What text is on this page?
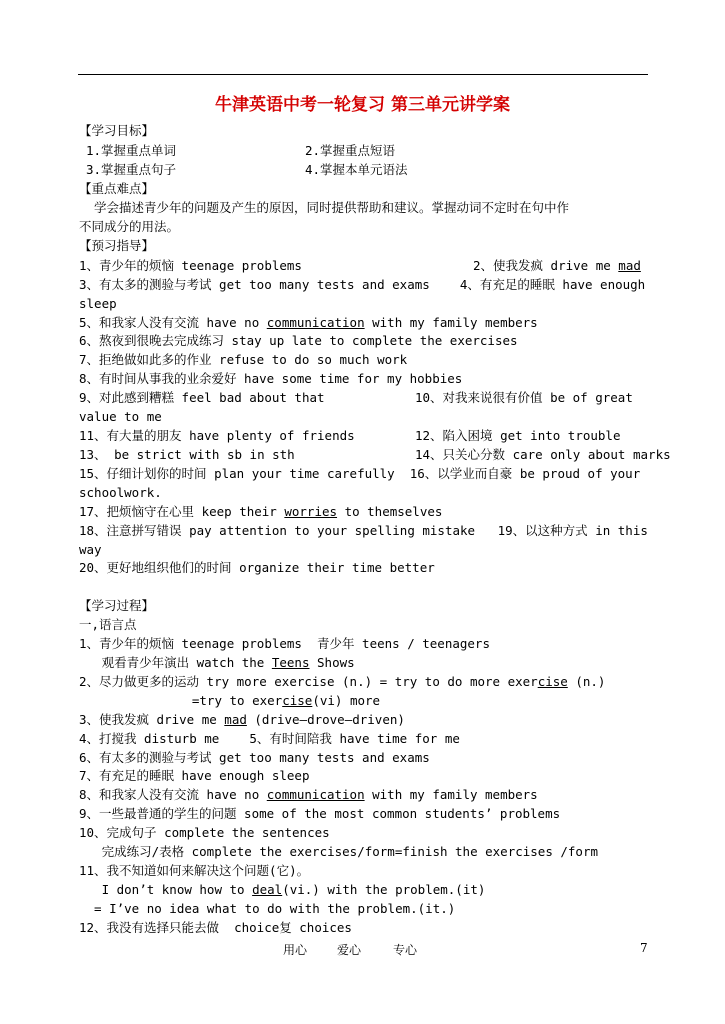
牛津英语中考一轮复习 第三单元讲学案
【学习目标】
1.掌握重点单词	2.掌握重点短语
3.掌握重点句子	4.掌握本单元语法
【重点难点】
学会描述青少年的问题及产生的原因，同时提供帮助和建议。掌握动词不定时在句中作
不同成分的用法。
【预习指导】
1、青少年的烦恼 teenage problems	2、使我发疯 drive me mad
3、有太多的测验与考试 get too many tests and exams    4、有充足的睡眠 have enough
sleep
5、和我家人没有交流 have no communication with my family members
6、熬夜到很晚去完成练习 stay up late to complete the exercises
7、拒绝做如此多的作业 refuse to do so much work
8、有时间从事我的业余爱好 have some time for my hobbies
9、对此感到糟糕 feel bad about that	10、对我来说很有价值 be of great
value to me
11、有大量的朋友 have plenty of friends	12、陷入困境 get into trouble
13、 be strict with sb in sth	14、只关心分数 care only about marks
15、仔细计划你的时间 plan your time carefully  16、以学业而自豪 be proud of your
schoolwork.
17、把烦恼守在心里 keep their worries to themselves
18、注意拼写错误 pay attention to your spelling mistake   19、以这种方式 in this
way
20、更好地组织他们的时间 organize their time better
【学习过程】
一,语言点
1、青少年的烦恼 teenage problems  青少年 teens / teenagers
观看青少年演出 watch the Teens Shows
2、尽力做更多的运动 try more exercise (n.) = try to do more exercise (n.)
=try to exercise(vi) more
3、使我发疯 drive me mad (drive—drove—driven)
4、打搅我 disturb me    5、有时间陪我 have time for me
6、有太多的测验与考试 get too many tests and exams
7、有充足的睡眠 have enough sleep
8、和我家人没有交流 have no communication with my family members
9、一些最普通的学生的问题 some of the most common students’ problems
10、完成句子 complete the sentences
完成练习/表格 complete the exercises/form=finish the exercises /form
11、我不知道如何来解决这个问题(它)。
I don’t know how to deal(vi.) with the problem.(it)
= I’ve no idea what to do with the problem.(it.)
12、我没有选择只能去做  choice复 choices
用心 爱心	专心	7
